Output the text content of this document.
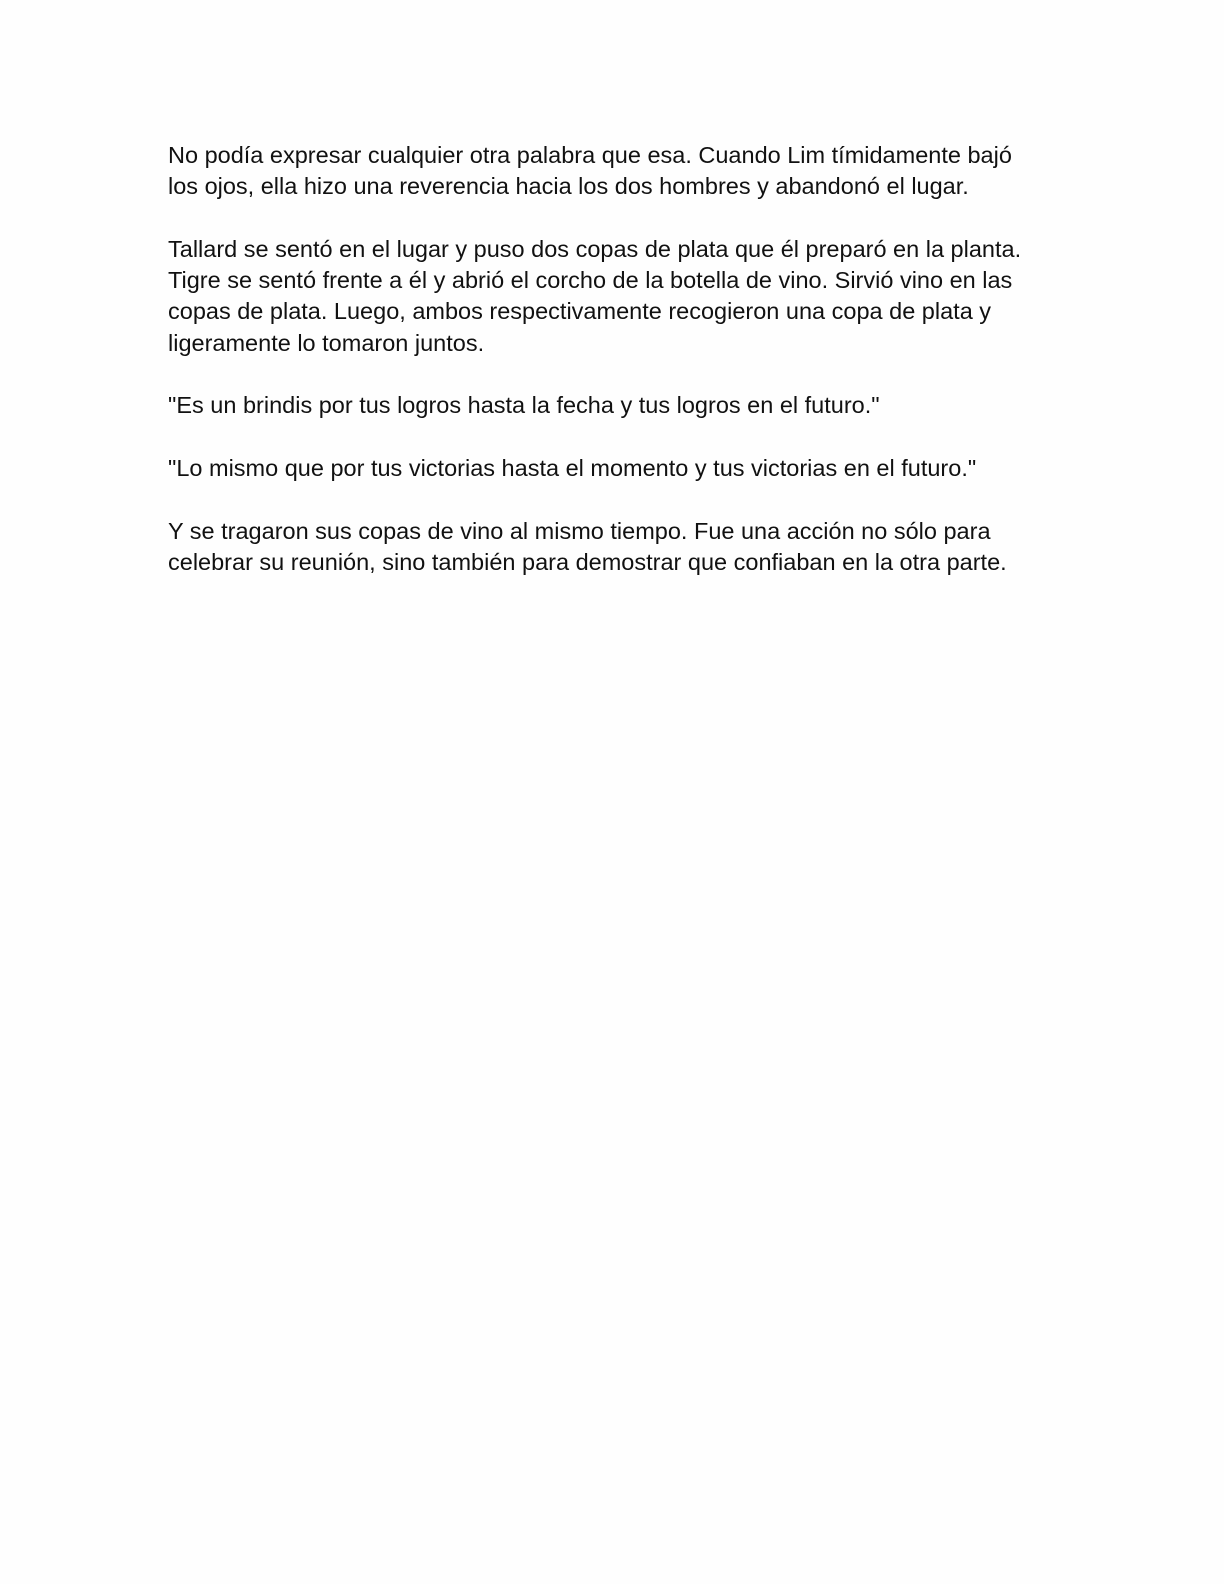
No podía expresar cualquier otra palabra que esa. Cuando Lim tímidamente bajó
los ojos, ella hizo una reverencia hacia los dos hombres y abandonó el lugar.

Tallard se sentó en el lugar y puso dos copas de plata que él preparó en la planta.
Tigre se sentó frente a él y abrió el corcho de la botella de vino. Sirvió vino en las
copas de plata. Luego, ambos respectivamente recogieron una copa de plata y
ligeramente lo tomaron juntos.

"Es un brindis por tus logros hasta la fecha y tus logros en el futuro."

"Lo mismo que por tus victorias hasta el momento y tus victorias en el futuro."

Y se tragaron sus copas de vino al mismo tiempo. Fue una acción no sólo para
celebrar su reunión, sino también para demostrar que confiaban en la otra parte.
